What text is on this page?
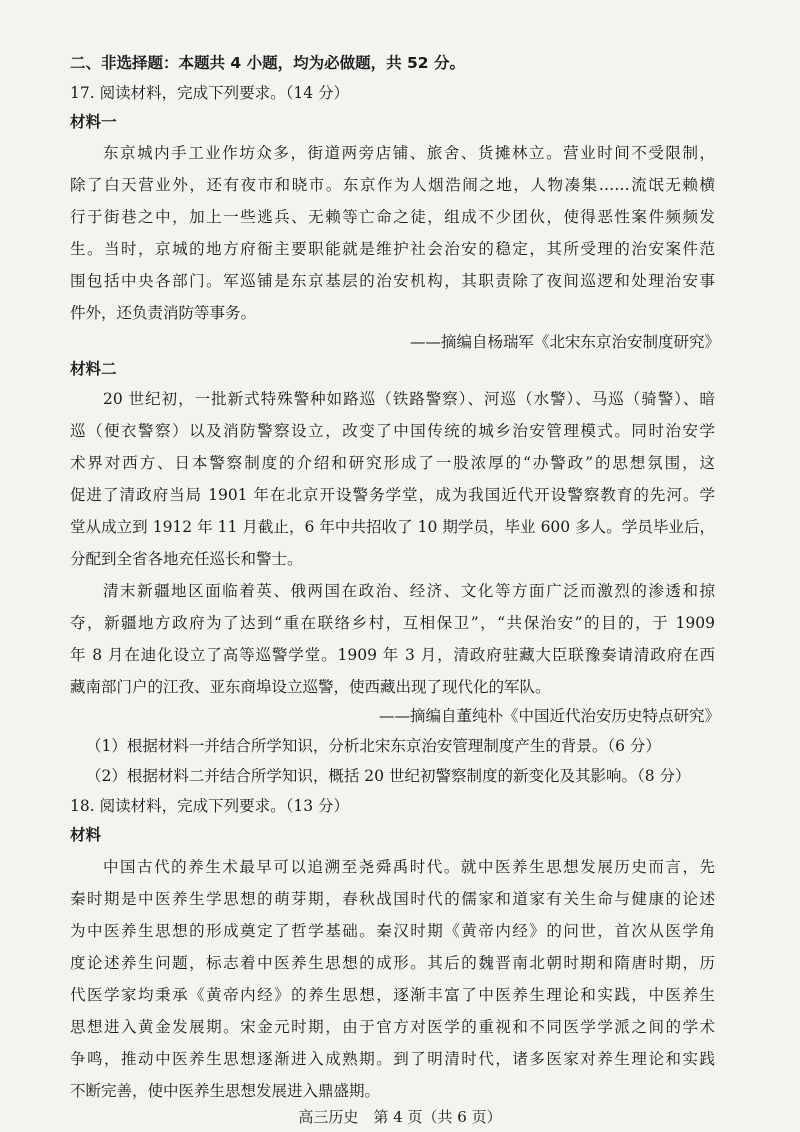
二、非选择题：本题共 4 小题，均为必做题，共 52 分。
17. 阅读材料，完成下列要求。（14 分）
材料一
东京城内手工业作坊众多，街道两旁店铺、旅舍、货摊林立。营业时间不受限制，
除了白天营业外，还有夜市和晓市。东京作为人烟浩闹之地，人物凑集……流氓无赖横
行于街巷之中，加上一些逃兵、无赖等亡命之徒，组成不少团伙，使得恶性案件频频发
生。当时，京城的地方府衙主要职能就是维护社会治安的稳定，其所受理的治安案件范
围包括中央各部门。军巡铺是东京基层的治安机构，其职责除了夜间巡逻和处理治安事
件外，还负责消防等事务。
——摘编自杨瑞军《北宋东京治安制度研究》
材料二
20 世纪初，一批新式特殊警种如路巡（铁路警察）、河巡（水警）、马巡（骑警）、暗
巡（便衣警察）以及消防警察设立，改变了中国传统的城乡治安管理模式。同时治安学
术界对西方、日本警察制度的介绍和研究形成了一股浓厚的“办警政”的思想氛围，这
促进了清政府当局 1901 年在北京开设警务学堂，成为我国近代开设警察教育的先河。学
堂从成立到 1912 年 11 月截止，6 年中共招收了 10 期学员，毕业 600 多人。学员毕业后，
分配到全省各地充任巡长和警士。
清末新疆地区面临着英、俄两国在政治、经济、文化等方面广泛而激烈的渗透和掠
夺，新疆地方政府为了达到“重在联络乡村，互相保卫”，“共保治安”的目的，于 1909
年 8 月在迪化设立了高等巡警学堂。1909 年 3 月，清政府驻藏大臣联豫奏请清政府在西
藏南部门户的江孜、亚东商埠设立巡警，使西藏出现了现代化的军队。
——摘编自董纯朴《中国近代治安历史特点研究》
（1）根据材料一并结合所学知识，分析北宋东京治安管理制度产生的背景。（6 分）
（2）根据材料二并结合所学知识，概括 20 世纪初警察制度的新变化及其影响。（8 分）
18. 阅读材料，完成下列要求。（13 分）
材料
中国古代的养生术最早可以追溯至尧舜禹时代。就中医养生思想发展历史而言，先
秦时期是中医养生学思想的萌芽期，春秋战国时代的儒家和道家有关生命与健康的论述
为中医养生思想的形成奠定了哲学基础。秦汉时期《黄帝内经》的问世，首次从医学角
度论述养生问题，标志着中医养生思想的成形。其后的魏晋南北朝时期和隋唐时期，历
代医学家均秉承《黄帝内经》的养生思想，逐渐丰富了中医养生理论和实践，中医养生
思想进入黄金发展期。宋金元时期，由于官方对医学的重视和不同医学学派之间的学术
争鸣，推动中医养生思想逐渐进入成熟期。到了明清时代，诸多医家对养生理论和实践
不断完善，使中医养生思想发展进入鼎盛期。
高三历史　第 4 页（共 6 页）
